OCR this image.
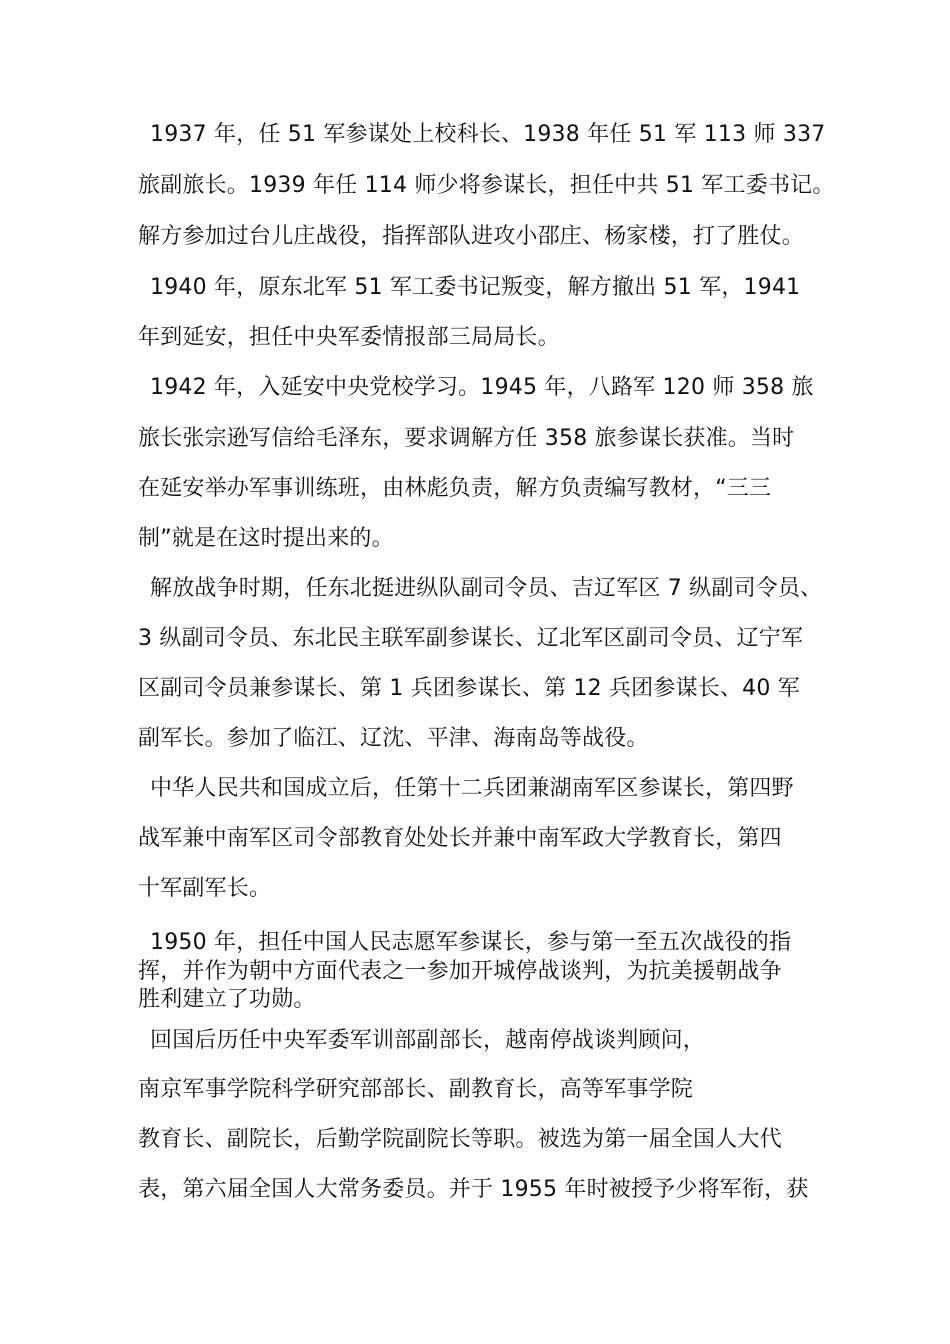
1937 年，任 51 军参谋处上校科长、1938 年任 51 军 113 师 337
旅副旅长。1939 年任 114 师少将参谋长，担任中共 51 军工委书记。
解方参加过台儿庄战役，指挥部队进攻小邵庄、杨家楼，打了胜仗。
1940 年，原东北军 51 军工委书记叛变，解方撤出 51 军，1941
年到延安，担任中央军委情报部三局局长。
1942 年，入延安中央党校学习。1945 年，八路军 120 师 358 旅
旅长张宗逊写信给毛泽东，要求调解方任 358 旅参谋长获准。当时
在延安举办军事训练班，由林彪负责，解方负责编写教材，“三三
制”就是在这时提出来的。
解放战争时期，任东北挺进纵队副司令员、吉辽军区 7 纵副司令员、
3 纵副司令员、东北民主联军副参谋长、辽北军区副司令员、辽宁军
区副司令员兼参谋长、第 1 兵团参谋长、第 12 兵团参谋长、40 军
副军长。参加了临江、辽沈、平津、海南岛等战役。
中华人民共和国成立后，任第十二兵团兼湖南军区参谋长，第四野
战军兼中南军区司令部教育处处长并兼中南军政大学教育长，第四
十军副军长。
1950 年，担任中国人民志愿军参谋长，参与第一至五次战役的指
挥，并作为朝中方面代表之一参加开城停战谈判，为抗美援朝战争
胜利建立了功勋。
回国后历任中央军委军训部副部长，越南停战谈判顾问，
南京军事学院科学研究部部长、副教育长，高等军事学院
教育长、副院长，后勤学院副院长等职。被选为第一届全国人大代
表，第六届全国人大常务委员。并于 1955 年时被授予少将军衔，获
